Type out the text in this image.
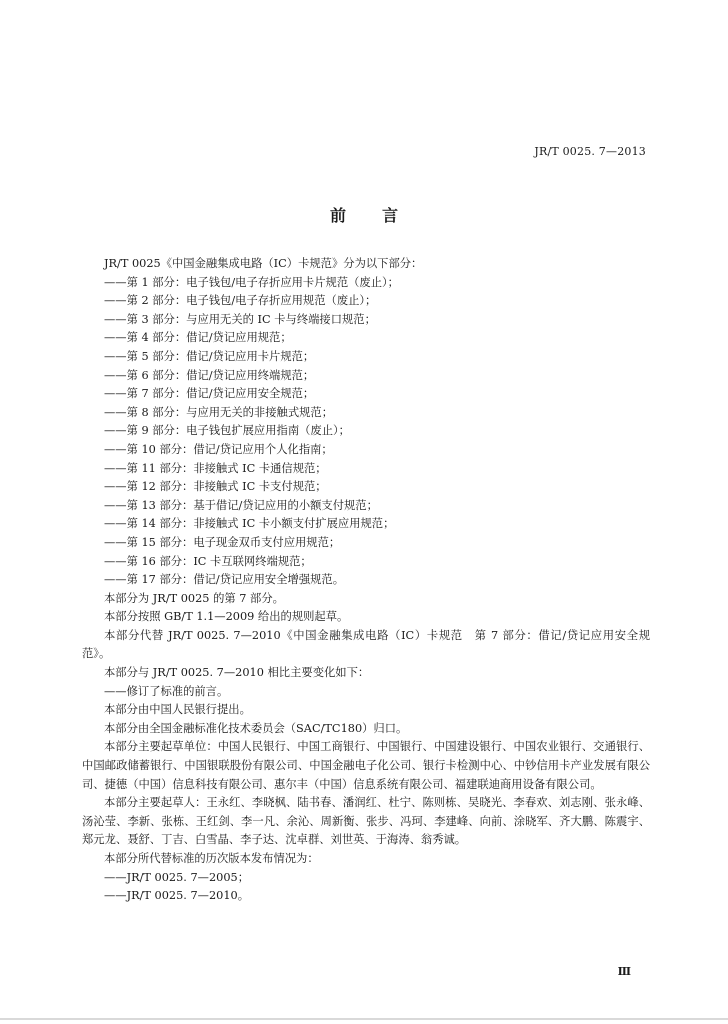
JR/T 0025. 7—2013
前 言
JR/T 0025《中国金融集成电路（IC）卡规范》分为以下部分：
——第 1 部分：电子钱包/电子存折应用卡片规范（废止）；
——第 2 部分：电子钱包/电子存折应用规范（废止）；
——第 3 部分：与应用无关的 IC 卡与终端接口规范；
——第 4 部分：借记/贷记应用规范；
——第 5 部分：借记/贷记应用卡片规范；
——第 6 部分：借记/贷记应用终端规范；
——第 7 部分：借记/贷记应用安全规范；
——第 8 部分：与应用无关的非接触式规范；
——第 9 部分：电子钱包扩展应用指南（废止）；
——第 10 部分：借记/贷记应用个人化指南；
——第 11 部分：非接触式 IC 卡通信规范；
——第 12 部分：非接触式 IC 卡支付规范；
——第 13 部分：基于借记/贷记应用的小额支付规范；
——第 14 部分：非接触式 IC 卡小额支付扩展应用规范；
——第 15 部分：电子现金双币支付应用规范；
——第 16 部分：IC 卡互联网终端规范；
——第 17 部分：借记/贷记应用安全增强规范。
本部分为 JR/T 0025 的第 7 部分。
本部分按照 GB/T 1.1—2009 给出的规则起草。
本部分代替 JR/T 0025. 7—2010《中国金融集成电路（IC）卡规范　第 7 部分：借记/贷记应用安全规范》。
本部分与 JR/T 0025. 7—2010 相比主要变化如下：
——修订了标准的前言。
本部分由中国人民银行提出。
本部分由全国金融标准化技术委员会（SAC/TC180）归口。
本部分主要起草单位：中国人民银行、中国工商银行、中国银行、中国建设银行、中国农业银行、交通银行、中国邮政储蓄银行、中国银联股份有限公司、中国金融电子化公司、银行卡检测中心、中钞信用卡产业发展有限公司、捷德（中国）信息科技有限公司、惠尔丰（中国）信息系统有限公司、福建联迪商用设备有限公司。
本部分主要起草人：王永红、李晓枫、陆书春、潘润红、杜宁、陈则栋、吴晓光、李春欢、刘志刚、张永峰、汤沁莹、李新、张栋、王红剑、李一凡、余沁、周新衡、张步、冯珂、李建峰、向前、涂晓军、齐大鹏、陈震宇、郑元龙、聂舒、丁吉、白雪晶、李子达、沈卓群、刘世英、于海涛、翁秀诚。
本部分所代替标准的历次版本发布情况为：
——JR/T 0025. 7—2005；
——JR/T 0025. 7—2010。
Ⅲ
